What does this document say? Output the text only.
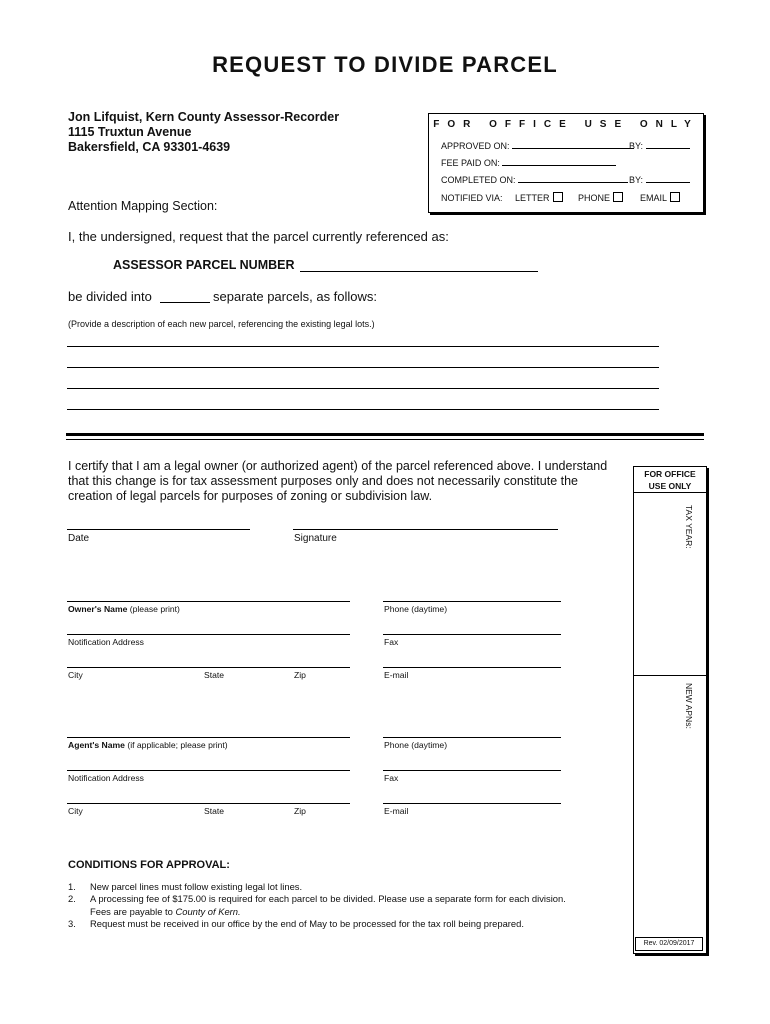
REQUEST TO DIVIDE PARCEL
Jon Lifquist, Kern County Assessor-Recorder
1115 Truxtun Avenue
Bakersfield, CA 93301-4639
FOR OFFICE USE ONLY
APPROVED ON:	BY:
FEE PAID ON:
COMPLETED ON:	BY:
NOTIFIED VIA: LETTER	PHONE	EMAIL
Attention Mapping Section:
I, the undersigned, request that the parcel currently referenced as:
ASSESSOR PARCEL NUMBER
be divided into	separate parcels, as follows:
(Provide a description of each new parcel, referencing the existing legal lots.)
I certify that I am a legal owner (or authorized agent) of the parcel referenced above. I understand that this change is for tax assessment purposes only and does not necessarily constitute the creation of legal parcels for purposes of zoning or subdivision law.
Date	Signature
Owner's Name (please print)	Phone (daytime)
Notification Address	Fax
City	State	Zip	E-mail
Agent's Name (if applicable; please print)	Phone (daytime)
Notification Address	Fax
City	State	Zip	E-mail
FOR OFFICE
USE ONLY
TAX YEAR:
NEW APNs:
Rev. 02/09/2017
CONDITIONS FOR APPROVAL:
1. New parcel lines must follow existing legal lot lines.
2. A processing fee of $175.00 is required for each parcel to be divided. Please use a separate form for each division.
Fees are payable to County of Kern.
3. Request must be received in our office by the end of May to be processed for the tax roll being prepared.
